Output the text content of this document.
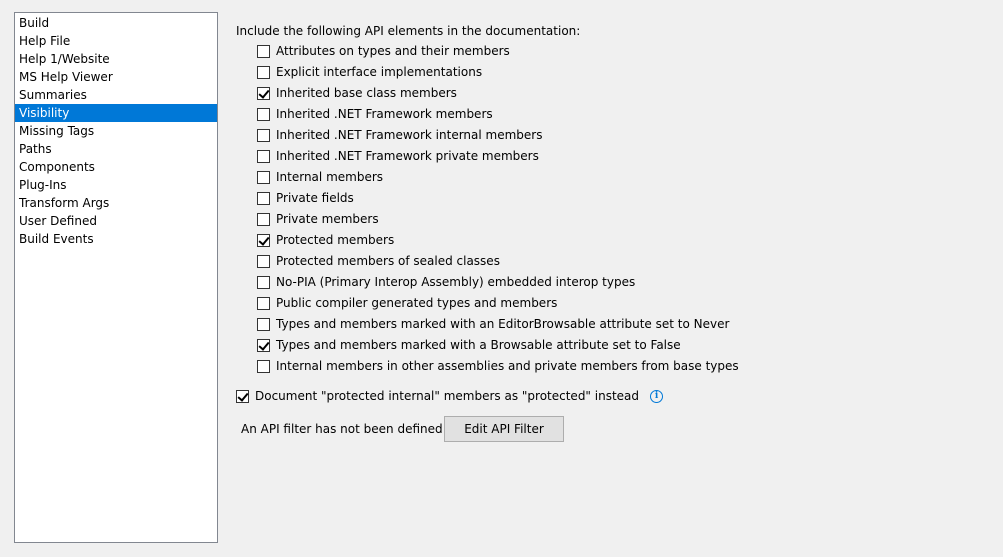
Build
Help File
Help 1/Website
MS Help Viewer
Summaries
Visibility
Missing Tags
Paths
Components
Plug-Ins
Transform Args
User Defined
Build Events
Include the following API elements in the documentation:
Attributes on types and their members
Explicit interface implementations
Inherited base class members
Inherited .NET Framework members
Inherited .NET Framework internal members
Inherited .NET Framework private members
Internal members
Private fields
Private members
Protected members
Protected members of sealed classes
No-PIA (Primary Interop Assembly) embedded interop types
Public compiler generated types and members
Types and members marked with an EditorBrowsable attribute set to Never
Types and members marked with a Browsable attribute set to False
Internal members in other assemblies and private members from base types
Document "protected internal" members as "protected" instead	i
An API filter has not been defined	Edit API Filter
